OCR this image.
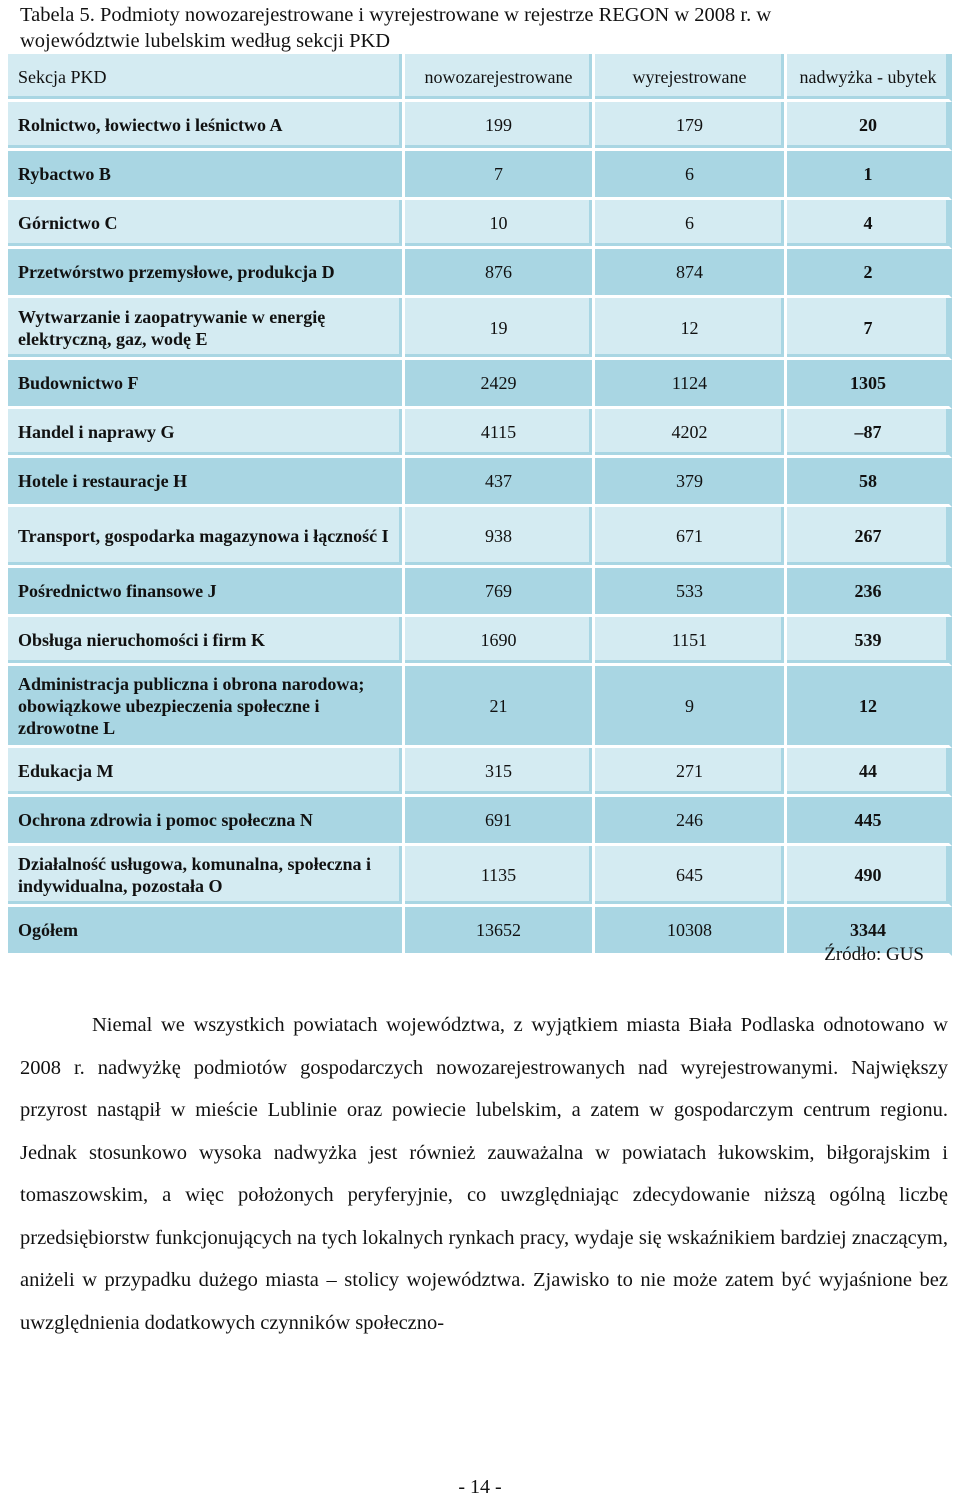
Tabela 5. Podmioty nowozarejestrowane i wyrejestrowane w rejestrze REGON w 2008 r. w
województwie lubelskim według sekcji PKD
Sekcja PKD	nowozarejestrowane	wyrejestrowane	nadwyżka - ubytek
Rolnictwo, łowiectwo i leśnictwo A	199	179	20
Rybactwo B	7	6	1
Górnictwo C	10	6	4
Przetwórstwo przemysłowe, produkcja D	876	874	2
Wytwarzanie i zaopatrywanie w energię elektryczną, gaz, wodę E	19	12	7
Budownictwo F	2429	1124	1305
Handel i naprawy G	4115	4202	–87
Hotele i restauracje H	437	379	58
Transport, gospodarka magazynowa i łączność I	938	671	267
Pośrednictwo finansowe J	769	533	236
Obsługa nieruchomości i firm K	1690	1151	539
Administracja publiczna i obrona narodowa; obowiązkowe ubezpieczenia społeczne i zdrowotne L	21	9	12
Edukacja M	315	271	44
Ochrona zdrowia i pomoc społeczna N	691	246	445
Działalność usługowa, komunalna, społeczna i indywidualna, pozostała O	1135	645	490
Ogółem	13652	10308	3344
Źródło: GUS
Niemal we wszystkich powiatach województwa, z wyjątkiem miasta Biała Podlaska odnotowano w 2008 r. nadwyżkę podmiotów gospodarczych nowozarejestrowanych nad wyrejestrowanymi. Największy przyrost nastąpił w mieście Lublinie oraz powiecie lubelskim, a zatem w gospodarczym centrum regionu. Jednak stosunkowo wysoka nadwyżka jest również zauważalna w powiatach łukowskim, biłgorajskim i tomaszowskim, a więc położonych peryferyjnie, co uwzględniając zdecydowanie niższą ogólną liczbę przedsiębiorstw funkcjonujących na tych lokalnych rynkach pracy, wydaje się wskaźnikiem bardziej znaczącym, aniżeli w przypadku dużego miasta – stolicy województwa. Zjawisko to nie może zatem być wyjaśnione bez uwzględnienia dodatkowych czynników społeczno-
- 14 -
